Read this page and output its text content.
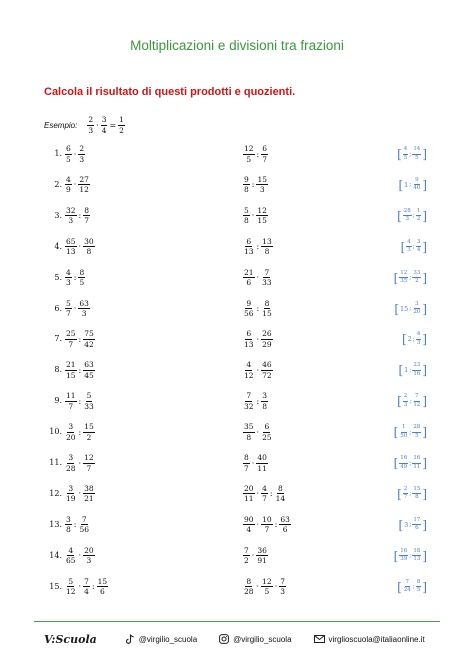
Moltiplicazioni e divisioni tra frazioni
Calcola il risultato di questi prodotti e quozienti.
Esempio: $\frac{2}{3} \cdot \frac{3}{4} = \frac{1}{2}$
1. $\frac{6}{5} \cdot \frac{2}{3}$	$\frac{12}{5}$ : $\frac{6}{7}$	[ $\frac{4}{5}$ ; $\frac{14}{5}$ ]
2. $\frac{4}{9} \cdot \frac{27}{12}$	$\frac{9}{8}$ : $\frac{15}{3}$	[ 1 ; $\frac{9}{40}$ ]
3. $\frac{32}{3}$ : $\frac{8}{7}$	$\frac{5}{8} \cdot \frac{12}{15}$	[ $\frac{28}{3}$ ; $\frac{1}{2}$ ]
4. $\frac{65}{13} \cdot \frac{30}{8}$	$\frac{6}{13}$ : $\frac{13}{8}$	[ $\frac{4}{3}$ ; $\frac{3}{4}$ ]
5. $\frac{4}{3}$ : $\frac{8}{5}$	$\frac{21}{6} \cdot \frac{7}{33}$	[ $\frac{12}{35}$ ; $\frac{33}{2}$ ]
6. $\frac{5}{7} \cdot \frac{63}{3}$	$\frac{9}{56}$ : $\frac{8}{15}$	[ 15 ; $\frac{3}{20}$ ]
7. $\frac{25}{7}$ : $\frac{75}{42}$	$\frac{6}{13} \cdot \frac{26}{29}$	[ 2 ; $\frac{4}{3}$ ]
8. $\frac{21}{15}$ : $\frac{63}{45}$	$\frac{4}{12} \cdot \frac{46}{72}$	[ 1 ; $\frac{23}{16}$ ]
9. $\frac{11}{7}$ : $\frac{5}{33}$	$\frac{7}{32}$ : $\frac{3}{8}$	[ $\frac{2}{3}$ ; $\frac{7}{12}$ ]
10. $\frac{3}{20}$ : $\frac{15}{2}$	$\frac{35}{8} \cdot \frac{6}{25}$	[ $\frac{1}{50}$ ; $\frac{28}{5}$ ]
11. $\frac{3}{28} \cdot \frac{12}{7}$	$\frac{8}{7} \cdot \frac{40}{11}$	[ $\frac{16}{49}$ ; $\frac{16}{11}$ ]
12. $\frac{3}{19} \cdot \frac{38}{21}$	$\frac{20}{11} \cdot \frac{4}{7}$ : $\frac{8}{14}$	[ $\frac{2}{7}$ ; $\frac{15}{8}$ ]
13. $\frac{3}{8}$ : $\frac{7}{56}$	$\frac{90}{4} \cdot \frac{10}{7}$ : $\frac{63}{6}$	[ 3 ; $\frac{17}{6}$ ]
14. $\frac{4}{65} \cdot \frac{20}{3}$	$\frac{7}{2} \cdot \frac{36}{91}$	[ $\frac{16}{39}$ ; $\frac{18}{13}$ ]
15. $\frac{5}{12} \cdot \frac{7}{4}$ : $\frac{15}{6}$	$\frac{8}{28} \cdot \frac{12}{5} \cdot \frac{7}{3}$	[ $\frac{7}{24}$ ; $\frac{8}{5}$ ]
V:Scuola	@virgilio_scuola	@virgilio_scuola	virglioscuola@italiaonline.it
